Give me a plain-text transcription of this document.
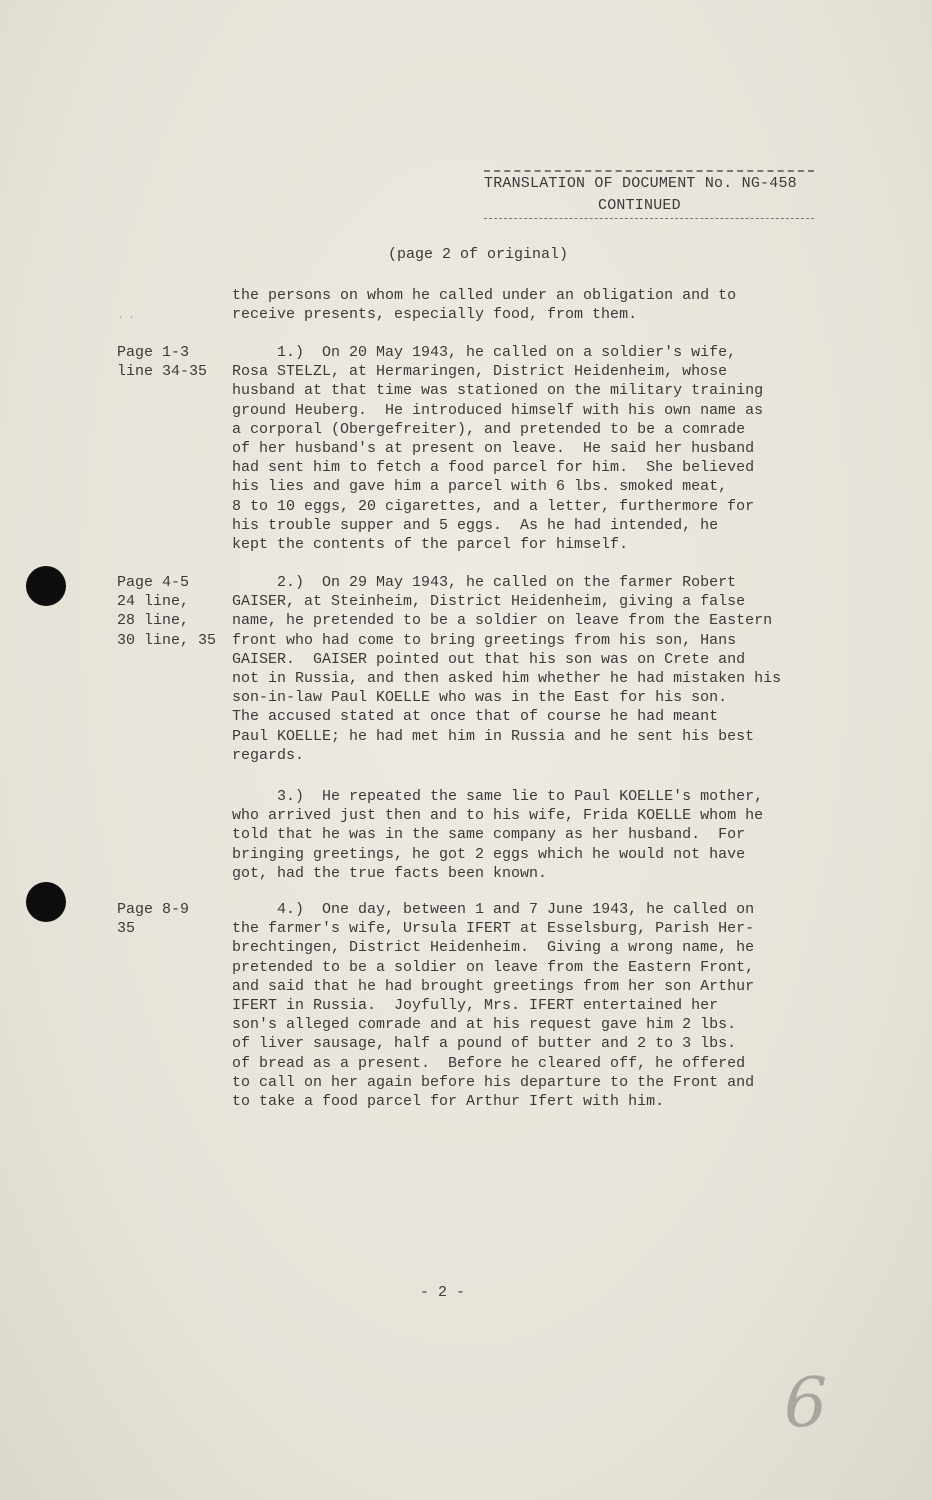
TRANSLATION OF DOCUMENT No. NG-458
CONTINUED
(page 2 of original)
. .
the persons on whom he called under an obligation and to
receive presents, especially food, from them.
Page 1-3
line 34-35
1.)  On 20 May 1943, he called on a soldier's wife,
Rosa STELZL, at Hermaringen, District Heidenheim, whose
husband at that time was stationed on the military training
ground Heuberg.  He introduced himself with his own name as
a corporal (Obergefreiter), and pretended to be a comrade
of her husband's at present on leave.  He said her husband
had sent him to fetch a food parcel for him.  She believed
his lies and gave him a parcel with 6 lbs. smoked meat,
8 to 10 eggs, 20 cigarettes, and a letter, furthermore for
his trouble supper and 5 eggs.  As he had intended, he
kept the contents of the parcel for himself.
Page 4-5
24 line,
28 line,
30 line, 35
2.)  On 29 May 1943, he called on the farmer Robert
GAISER, at Steinheim, District Heidenheim, giving a false
name, he pretended to be a soldier on leave from the Eastern
front who had come to bring greetings from his son, Hans
GAISER.  GAISER pointed out that his son was on Crete and
not in Russia, and then asked him whether he had mistaken his
son-in-law Paul KOELLE who was in the East for his son.
The accused stated at once that of course he had meant
Paul KOELLE; he had met him in Russia and he sent his best
regards.
3.)  He repeated the same lie to Paul KOELLE's mother,
who arrived just then and to his wife, Frida KOELLE whom he
told that he was in the same company as her husband.  For
bringing greetings, he got 2 eggs which he would not have
got, had the true facts been known.
Page 8-9
35
4.)  One day, between 1 and 7 June 1943, he called on
the farmer's wife, Ursula IFERT at Esselsburg, Parish Her-
brechtingen, District Heidenheim.  Giving a wrong name, he
pretended to be a soldier on leave from the Eastern Front,
and said that he had brought greetings from her son Arthur
IFERT in Russia.  Joyfully, Mrs. IFERT entertained her
son's alleged comrade and at his request gave him 2 lbs.
of liver sausage, half a pound of butter and 2 to 3 lbs.
of bread as a present.  Before he cleared off, he offered
to call on her again before his departure to the Front and
to take a food parcel for Arthur Ifert with him.
- 2 -
6
